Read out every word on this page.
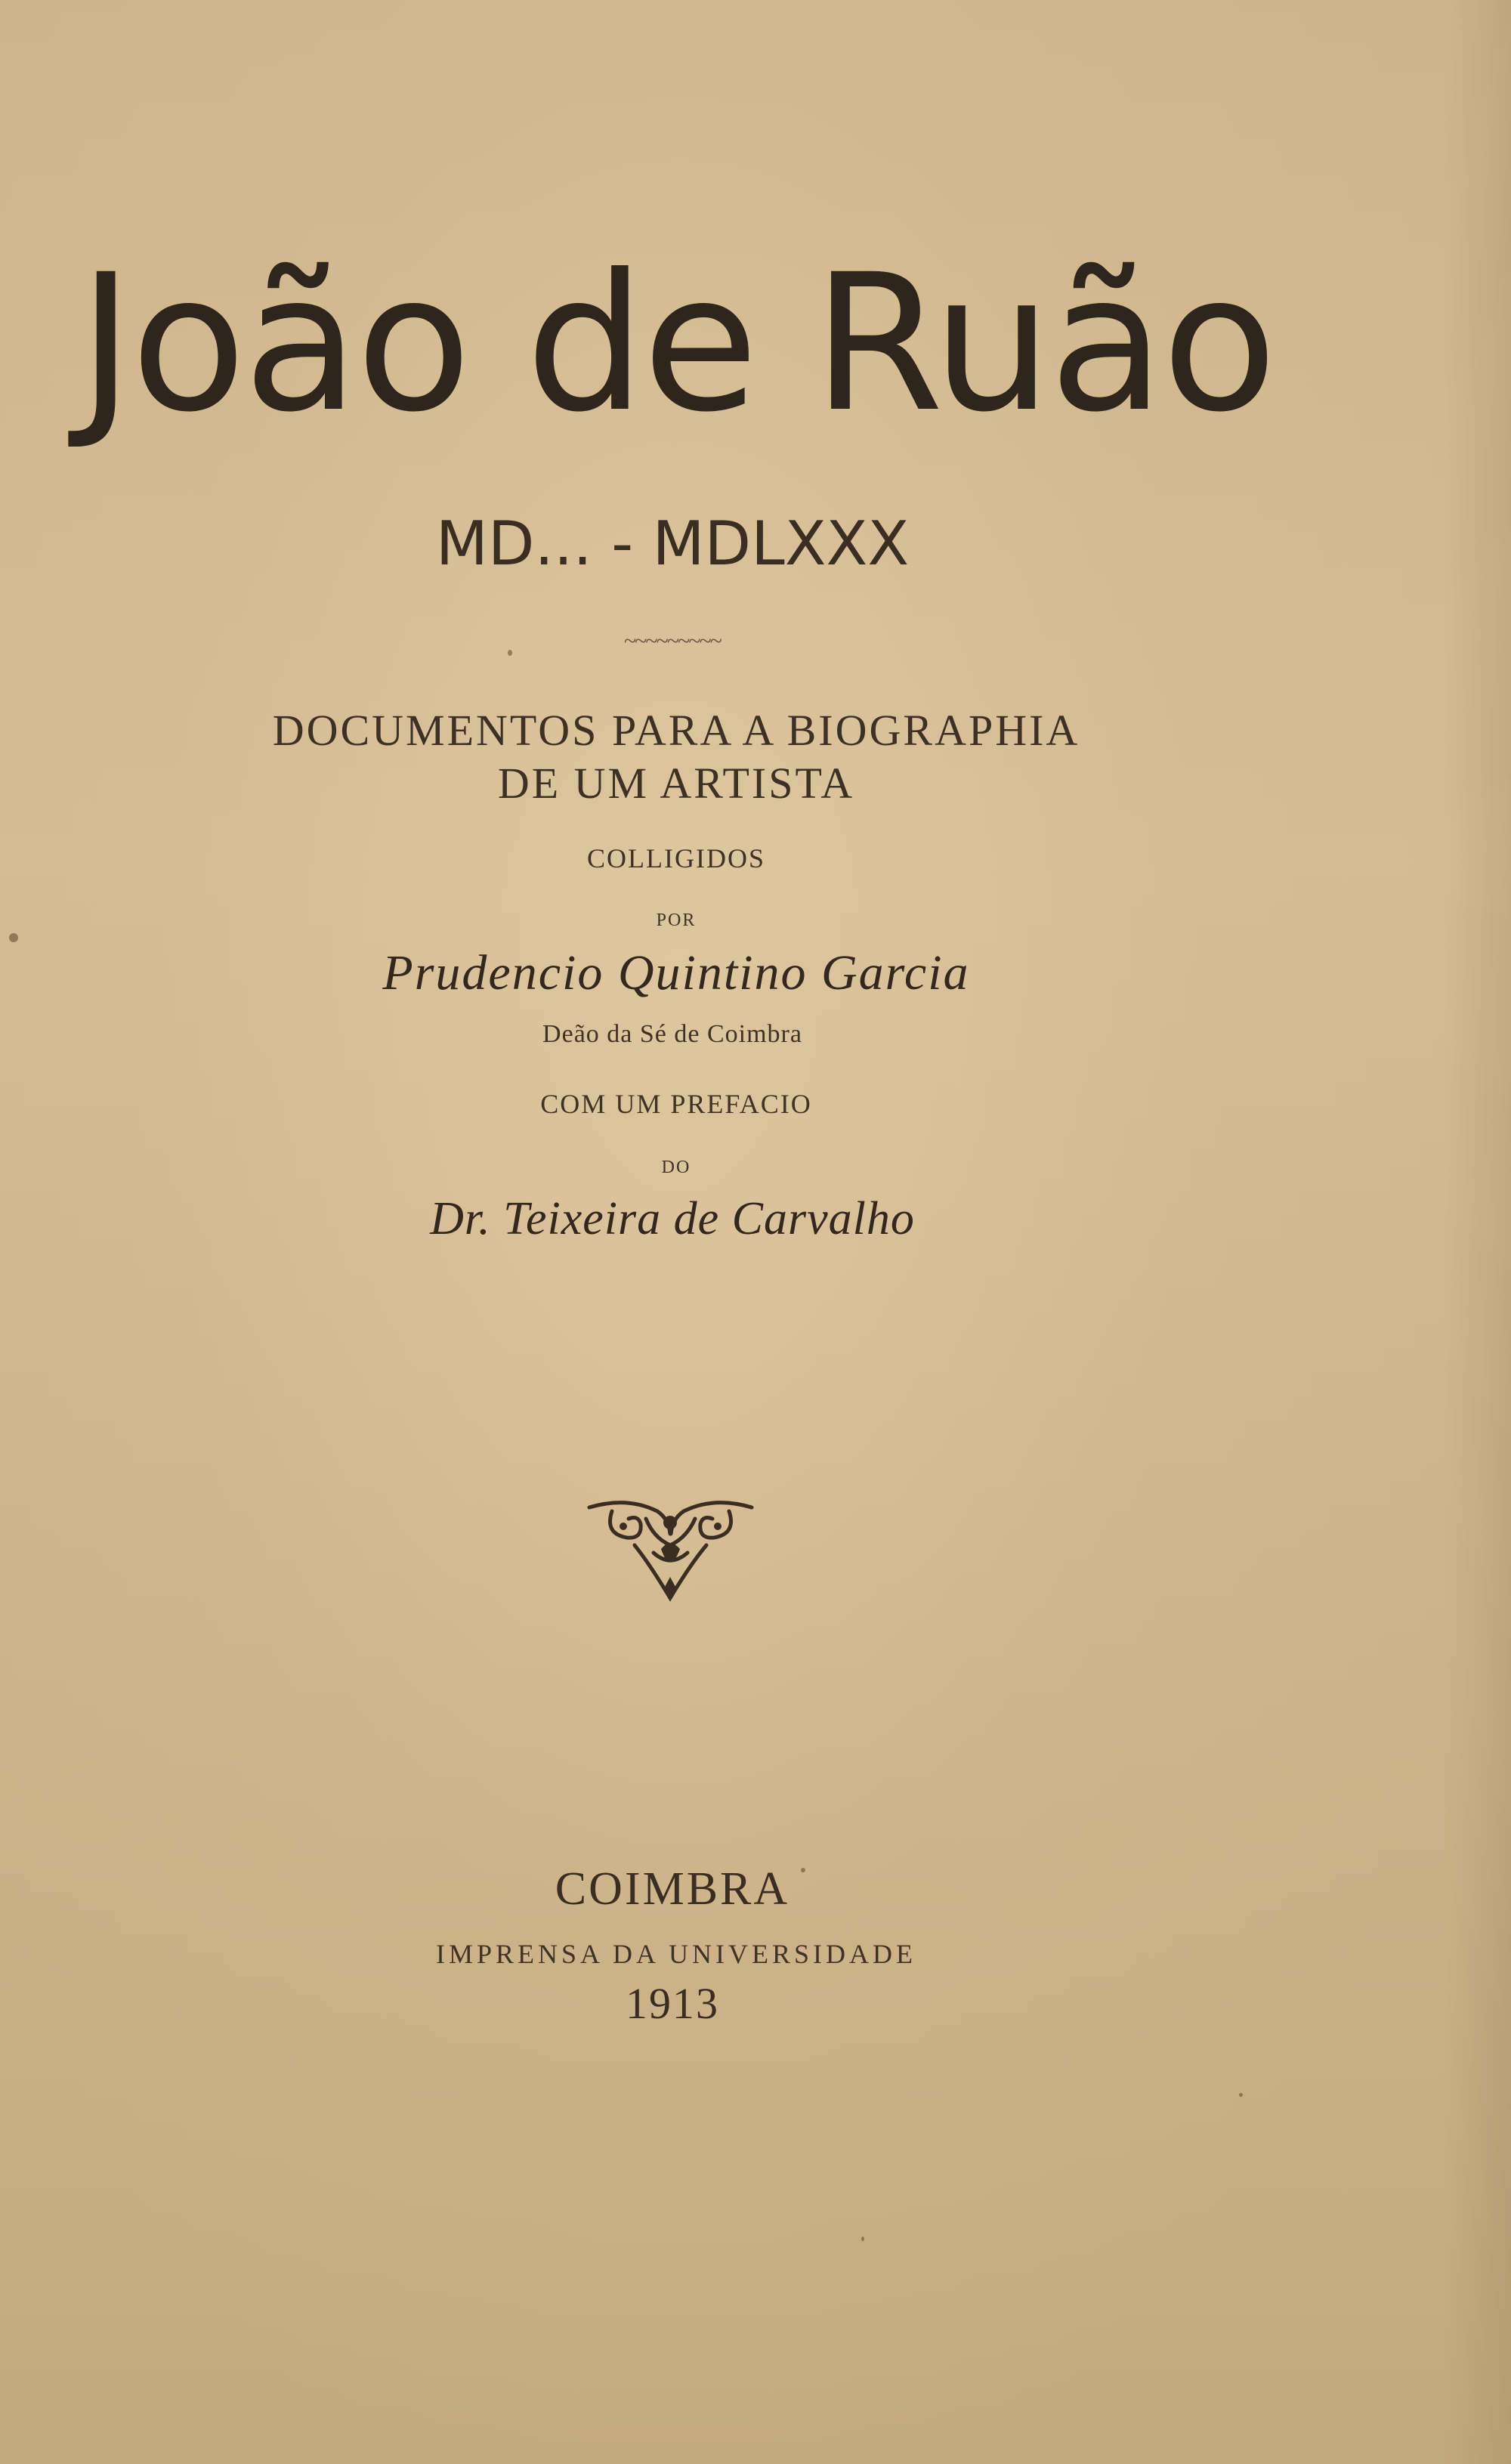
João de Ruão
MD... - MDLXXX
~~~~~~~~~
DOCUMENTOS PARA A BIOGRAPHIA
DE UM ARTISTA
COLLIGIDOS
POR
Prudencio Quintino Garcia
Deão da Sé de Coimbra
COM UM PREFACIO
DO
Dr. Teixeira de Carvalho
COIMBRA
IMPRENSA DA UNIVERSIDADE
1913
